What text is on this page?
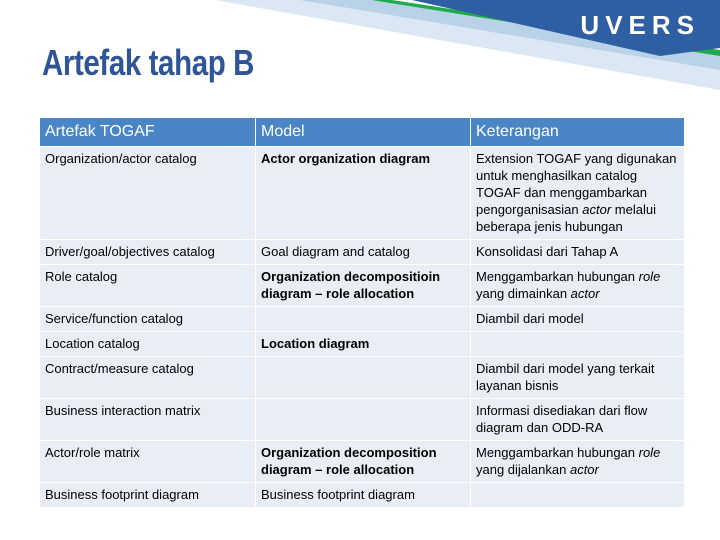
UVERS
Artefak tahap B
Artefak TOGAF	Model	Keterangan
Organization/actor catalog	Actor organization diagram	Extension TOGAF yang digunakan untuk menghasilkan catalog TOGAF dan menggambarkan pengorganisasian actor melalui beberapa jenis hubungan
Driver/goal/objectives catalog	Goal diagram and catalog	Konsolidasi dari Tahap A
Role catalog	Organization decompositioin diagram – role allocation	Menggambarkan hubungan role yang dimainkan actor
Service/function catalog		Diambil dari model
Location catalog	Location diagram	
Contract/measure catalog		Diambil dari model yang terkait layanan bisnis
Business interaction matrix		Informasi disediakan dari flow diagram dan ODD-RA
Actor/role matrix	Organization decomposition diagram – role allocation	Menggambarkan hubungan role yang dijalankan actor
Business footprint diagram	Business footprint diagram	
